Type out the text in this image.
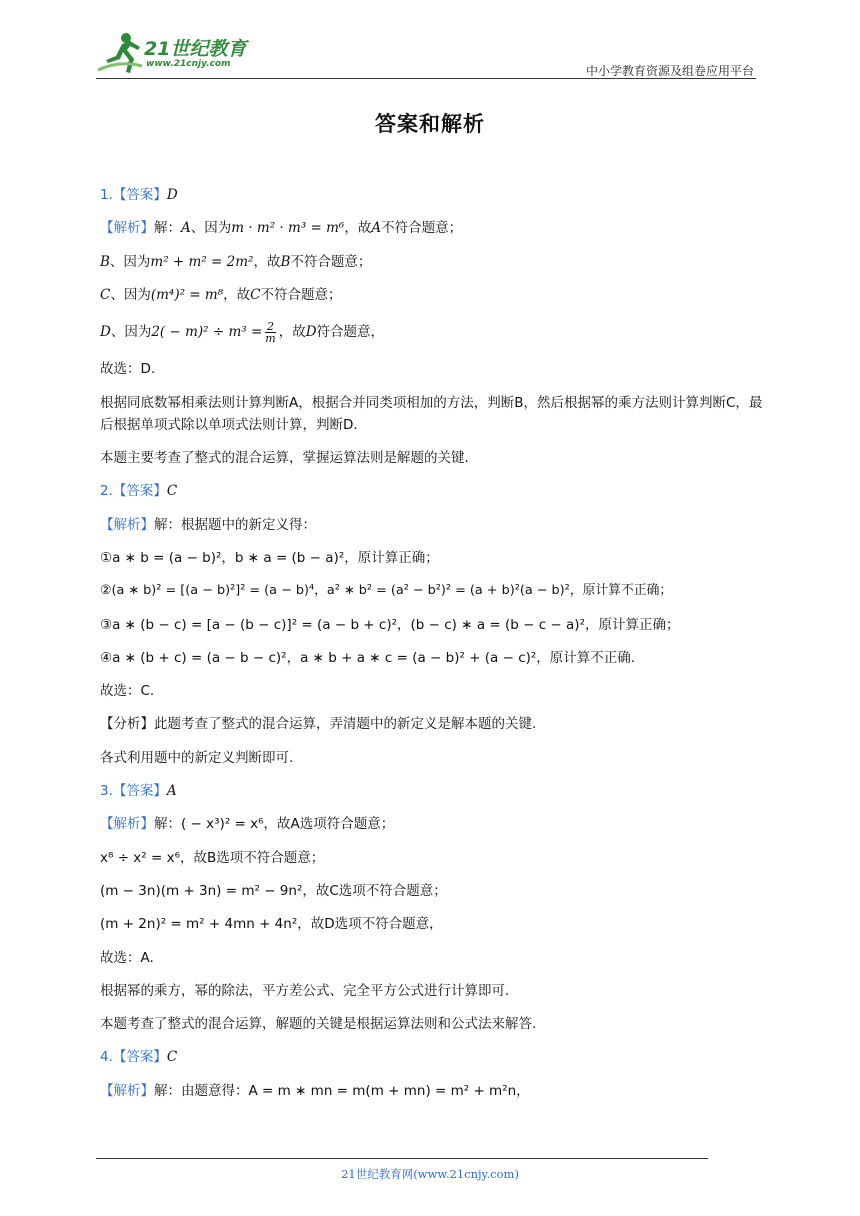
21世纪教育
www.21cnjy.com	中小学教育资源及组卷应用平台
答案和解析
1.【答案】D
【解析】解：A、因为m · m² · m³ = m⁶，故A不符合题意；
B、因为m² + m² = 2m²，故B不符合题意；
C、因为(m⁴)² = m⁸，故C不符合题意；
D、因为$2( - m)^2 \div m^3 = \frac{2}{m}$ ，故D符合题意，
故选：D.
根据同底数幂相乘法则计算判断A，根据合并同类项相加的方法，判断B，然后根据幂的乘方法则计算判断C，最后根据单项式除以单项式法则计算，判断D.
本题主要考查了整式的混合运算，掌握运算法则是解题的关键.
2.【答案】C
【解析】解：根据题中的新定义得：
①a ∗ b = (a − b)²，b ∗ a = (b − a)²，原计算正确；
②(a ∗ b)² = [(a − b)²]² = (a − b)⁴，a² ∗ b² = (a² − b²)² = (a + b)²(a − b)²，原计算不正确；
③a ∗ (b − c) = [a − (b − c)]² = (a − b + c)²，(b − c) ∗ a = (b − c − a)²，原计算正确；
④a ∗ (b + c) = (a − b − c)²，a ∗ b + a ∗ c = (a − b)² + (a − c)²，原计算不正确.
故选：C.
【分析】此题考查了整式的混合运算，弄清题中的新定义是解本题的关键.
各式利用题中的新定义判断即可.
3.【答案】A
【解析】解：( − x³)² = x⁶，故A选项符合题意；
x⁸ ÷ x² = x⁶，故B选项不符合题意；
(m − 3n)(m + 3n) = m² − 9n²，故C选项不符合题意；
(m + 2n)² = m² + 4mn + 4n²，故D选项不符合题意，
故选：A.
根据幂的乘方，幂的除法，平方差公式、完全平方公式进行计算即可.
本题考查了整式的混合运算，解题的关键是根据运算法则和公式法来解答.
4.【答案】C
【解析】解：由题意得：A = m ∗ mn = m(m + mn) = m² + m²n，
21世纪教育网(www.21cnjy.com)
